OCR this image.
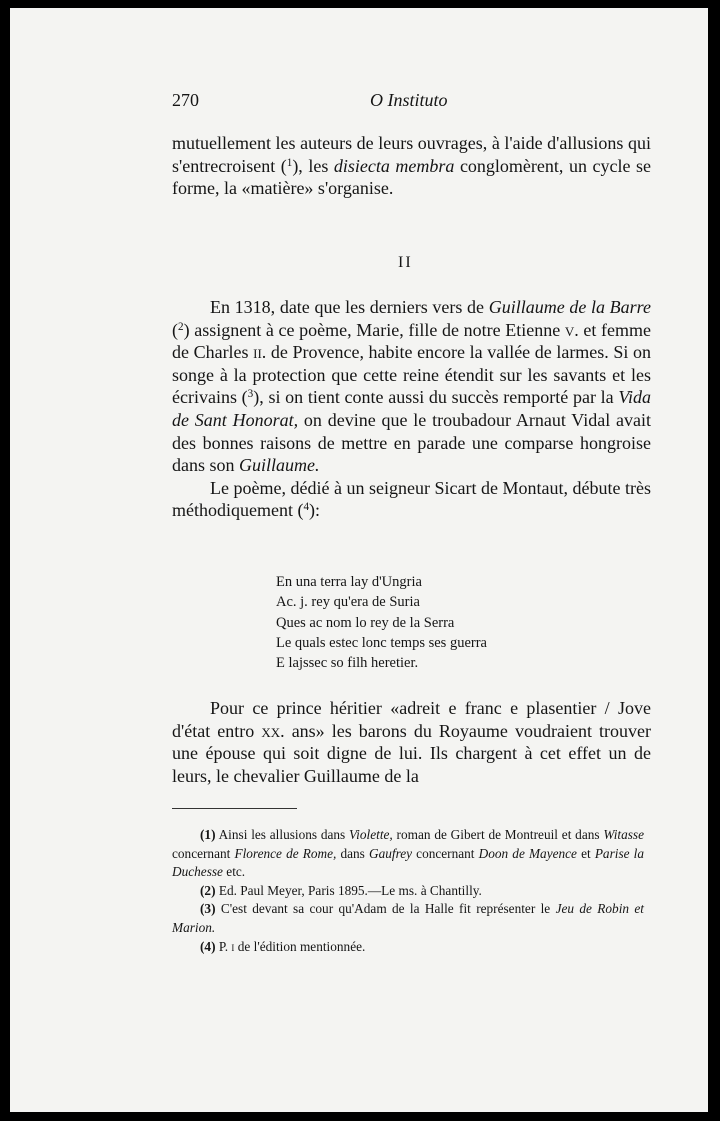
270	O Instituto

mutuellement les auteurs de leurs ouvrages, à l'aide d'allusions qui s'entrecroisent ($^1$), les disiecta membra conglomèrent, un cycle se forme, la «matière» s'organise.

II

En 1318, date que les derniers vers de Guillaume de la Barre ($^2$) assignent à ce poème, Marie, fille de notre Etienne v. et femme de Charles ii. de Provence, habite encore la vallée de larmes. Si on songe à la protection que cette reine étendit sur les savants et les écrivains ($^3$), si on tient conte aussi du succès remporté par la Vida de Sant Honorat, on devine que le troubadour Arnaut Vidal avait des bonnes raisons de mettre en parade une comparse hongroise dans son Guillaume.

Le poème, dédié à un seigneur Sicart de Montaut, débute très méthodiquement ($^4$):

En una terra lay d'Ungria
Ac. j. rey qu'era de Suria
Ques ac nom lo rey de la Serra
Le quals estec lonc temps ses guerra
E lajssec so filh heretier.

Pour ce prince héritier «adreit e franc e plasentier / Jove d'état entro xx. ans» les barons du Royaume voudraient trouver une épouse qui soit digne de lui. Ils chargent à cet effet un de leurs, le chevalier Guillaume de la

(1) Ainsi les allusions dans Violette, roman de Gibert de Montreuil et dans Witasse concernant Florence de Rome, dans Gaufrey concernant Doon de Mayence et Parise la Duchesse etc.

(2) Ed. Paul Meyer, Paris 1895.—Le ms. à Chantilly.

(3) C'est devant sa cour qu'Adam de la Halle fit représenter le Jeu de Robin et Marion.

(4) P. i de l'édition mentionnée.
